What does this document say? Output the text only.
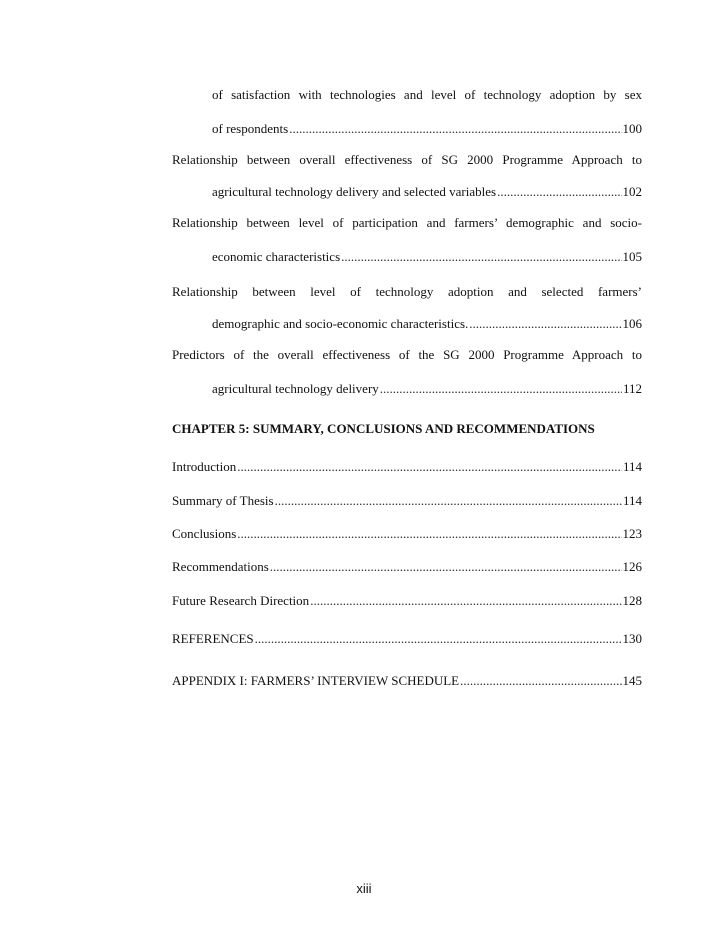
of satisfaction with technologies and level of technology adoption by sex
of respondents .....	100
Relationship between overall effectiveness of SG 2000 Programme Approach to
agricultural technology delivery and selected variables .....	102
Relationship between level of participation and farmers’ demographic and socio-
economic characteristics .....	105
Relationship between level of technology adoption and selected farmers’
demographic and socio-economic characteristics. .....	106
Predictors of the overall effectiveness of the SG 2000 Programme Approach to
agricultural technology delivery .....	112
CHAPTER 5: SUMMARY, CONCLUSIONS AND RECOMMENDATIONS
Introduction .....	114
Summary of Thesis .....	114
Conclusions .....	123
Recommendations .....	126
Future Research Direction .....	128
REFERENCES .....	130
APPENDIX I: FARMERS’ INTERVIEW SCHEDULE .....	145
xiii
